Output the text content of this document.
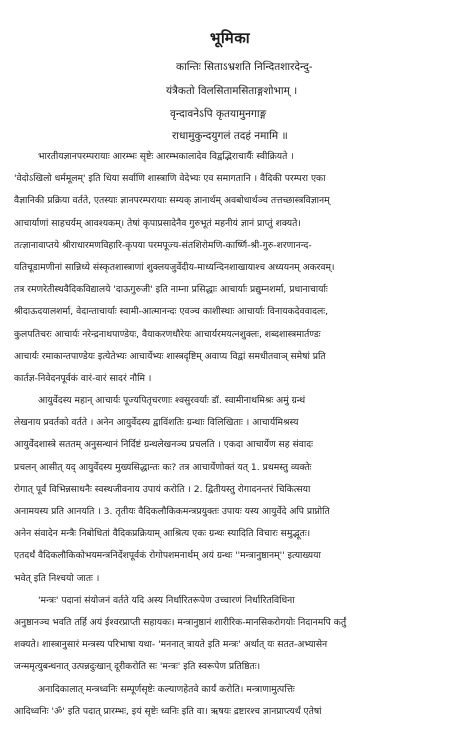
भूमिका
कान्तिः सिताऽभ्रशति निन्दितशारदेन्दु-
यंत्रैकतो विलसितामसिताङ्गशोभाम् ।
वृन्दावनेऽपि कृतयामुनगाङ्ग
राधामुकुन्दयुगलं तदहं नमामि ॥
भारतीयज्ञानपरम्परायाः आरम्भः सृष्टेः आरम्भकालादेव विद्वद्भिराचार्यैः स्वीक्रियते ।
'वेदोऽखिलो धर्ममूलम्' इति धिया सर्वाणि शास्त्राणि वेदेभ्यः एव समागतानि । वैदिकी परम्परा एका
वैज्ञानिकी प्रक्रिया वर्तते, एतस्याः ज्ञानपरम्परायाः सम्यक् ज्ञानार्थम् अवबोधार्थञ्च तत्तच्छास्त्रविज्ञानम्
आचार्याणां साहचर्यम् आवश्यकम्। तेषां कृपाप्रसादेनैव गुरुभूतं महनीयं ज्ञानं प्राप्तुं शक्यते।
तत्ज्ञानावाप्तये श्रीराधारमणविहारि-कृपया परमपूज्य-संतशिरोमणि-कार्ष्णि-श्री-गुरु-शरणानन्द-
यतिचूडामणीनां सान्निध्ये संस्कृतशास्त्राणां शुक्लयजुर्वेदीय-माध्यन्दिनशाखायाश्च अध्ययनम् अकरवम्।
तत्र रमणरेतीस्थवैदिकविद्यालये 'दाऊगुरुजी' इति नाम्ना प्रसिद्धाः आचार्याः प्रद्युम्नशर्मा, प्रधानाचार्याः
श्रीदाऊदयालशर्मा, वेदान्ताचार्याः स्वामी-आत्मानन्दः एवञ्च काशीस्थाः आचार्याः विनायकदेववादलः,
कुलपतिचरः आचार्यः नरेन्द्रनाथपाण्डेयः, वैयाकरणधौरेयः आचार्यरमयत्नशुक्लः, शब्दशास्त्रमार्तण्डः
आचार्यः रमाकान्तपाण्डेयः इत्येतेभ्यः आचार्येभ्यः शास्त्रदृष्टिम् अवाप्य विद्वां समधीतवाञ् समेषां प्रति
कार्तज्ञ-निवेदनपूर्वकं वारं-वारं सादरं नौमि ।
आयुर्वेदस्य महान् आचार्यः पूज्यपितृचरणाः श्वसुरवर्याः डॉ. स्वामीनाथमिश्रः अमुं ग्रन्थं
लेखनाय प्रवर्तको वर्तते । अनेन आयुर्वेदस्य द्वाविंशतिः ग्रन्थाः विलिखिताः । आचार्यमिश्रस्य
आयुर्वेदशास्त्रे सततम् अनुसन्धानं निर्दिष्टं ग्रन्थलेखनञ्च प्रचलति । एकदा आचार्येण सह संवादः
प्रचलन् आसीत् यद् आयुर्वेदस्य मुख्यसिद्धान्तः कः? तत्र आचार्येणोक्तं यत् 1. प्रथमस्तु व्यक्तेः
रोगात् पूर्वं विभिन्नसाधनैः स्वस्थजीवनाय उपायं करोति । 2. द्वितीयस्तु रोगादनन्तरं चिकित्सया
अनामयस्य प्रति आनयति । 3. तृतीयः वैदिकलौकिकमन्त्रप्रयुक्तः उपायः यस्य आयुर्वेदे अपि प्राप्नोति
अनेन संवादेन मन्त्रैः निबोधितां वैदिकप्रक्रियाम् आश्रित्य एकः ग्रन्थः स्यादिति विचारः समुद्भूतः।
एतदर्थं वैदिकलौकिकोभयमन्त्रनिर्देशपूर्वकं रोगोपशमनार्थम् अयं ग्रन्थः ''मन्त्रानुष्ठानम्'' इत्याख्यया
भवेत् इति निश्चयो जातः ।
'मन्त्रः' पदानां संयोजनं वर्तते यदि अस्य निर्धारितरूपेण उच्चारणं निर्धारितविधिना
अनुष्ठानञ्च भवति तर्हि अयं ईश्वरप्राप्ती सहायकः। मन्त्रानुष्ठानं शारीरिक-मानसिकरोगयोः निदानमपि कर्तुं
शक्यते। शास्त्रानुसारं मन्त्रस्य परिभाषा यथा- 'मननात् त्रायते इति मन्त्रः' अर्थात् यः सतत-अभ्यासेन
जन्ममृत्युबन्धनात् उत्पन्नदुःखान् दूरीकरोति सः 'मन्त्रः' इति स्वरूपेण प्रतिष्ठितः।
अनादिकालात् मन्त्रध्वनिः सम्पूर्णसृष्टेः कल्याणहेतवे कार्यं करोति। मन्त्राणामुत्पत्तिः
आदिध्वनिः 'ॐ' इति पदात् प्रारम्भः, इयं सृष्टेः ध्वनिः इति वा। ऋषयः द्रष्टारश्च ज्ञानप्राप्त्यर्थं एतेषां
